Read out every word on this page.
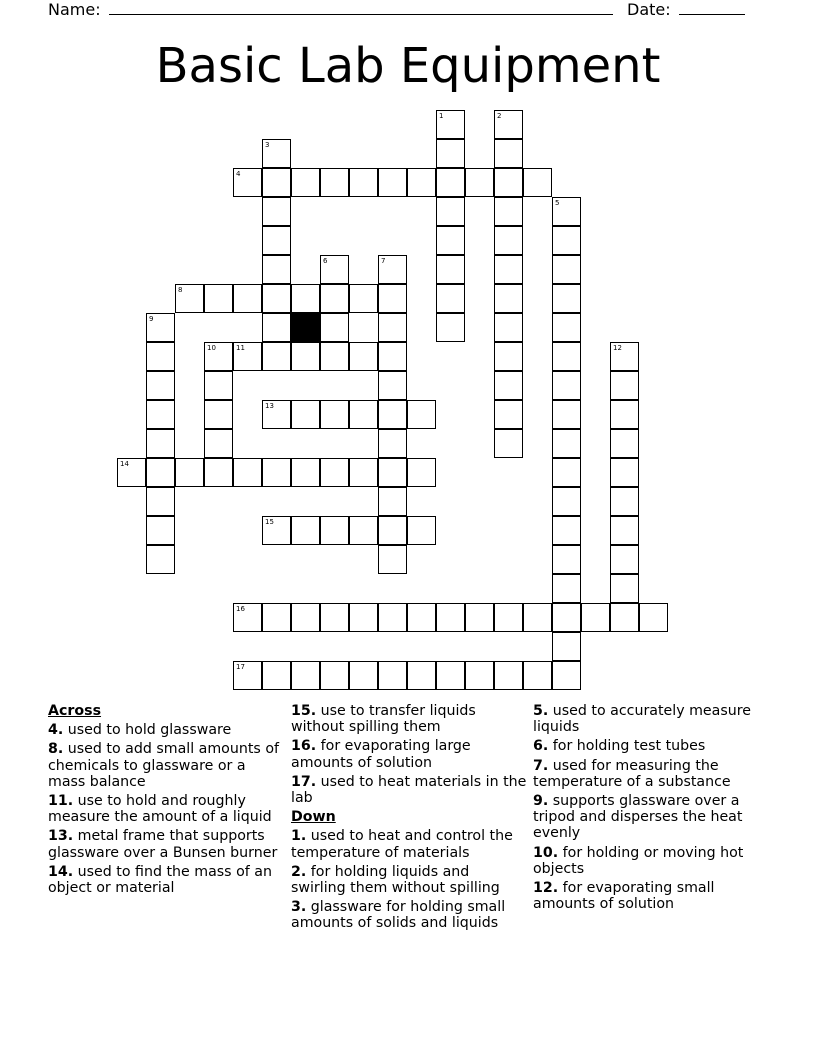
Name:	Date:
Basic Lab Equipment
1	2
3
4
5
6	7
8
9
10	11	12
13
14
15
16
17
Across
4. used to hold glassware
8. used to add small amounts of chemicals to glassware or a mass balance
11. use to hold and roughly measure the amount of a liquid
13. metal frame that supports glassware over a Bunsen burner
14. used to find the mass of an object or material
15. use to transfer liquids without spilling them
16. for evaporating large amounts of solution
17. used to heat materials in the lab
Down
1. used to heat and control the temperature of materials
2. for holding liquids and swirling them without spilling
3. glassware for holding small amounts of solids and liquids
5. used to accurately measure liquids
6. for holding test tubes
7. used for measuring the temperature of a substance
9. supports glassware over a tripod and disperses the heat evenly
10. for holding or moving hot objects
12. for evaporating small amounts of solution
